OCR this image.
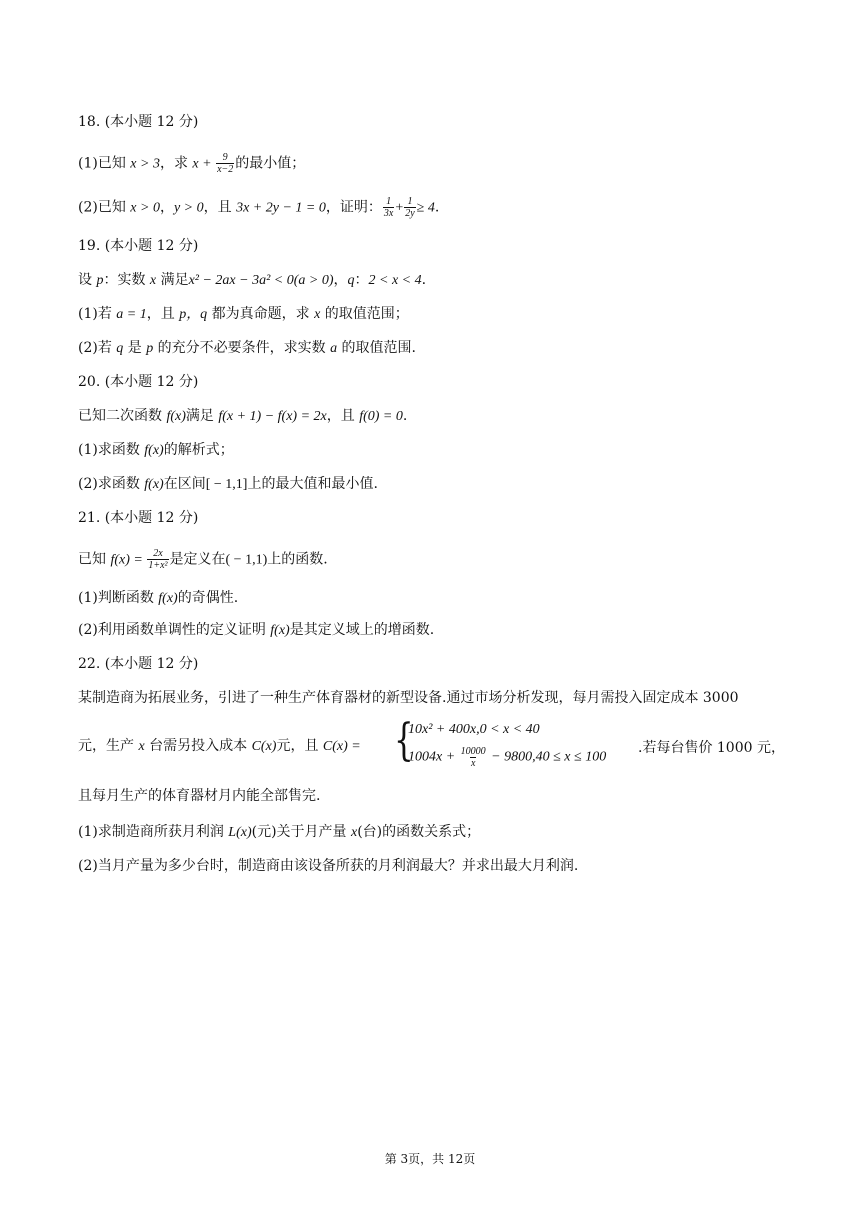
18. (本小题 12 分)
(1)已知 x > 3，求 $x + \frac{9}{x-2}$ 的最小值；
(2)已知 x > 0，y > 0，且 3x + 2y − 1 = 0，证明： $\frac{1}{3x} + \frac{1}{2y} \ge 4$.
19. (本小题 12 分)
设 p：实数 x 满足x² − 2ax − 3a² < 0(a > 0)，q：2 < x < 4.
(1)若 a = 1，且 p，q 都为真命题，求 x 的取值范围；
(2)若 q 是 p 的充分不必要条件，求实数 a 的取值范围.
20. (本小题 12 分)
已知二次函数 f(x)满足 f(x + 1) − f(x) = 2x，且 f(0) = 0.
(1)求函数 f(x)的解析式；
(2)求函数 f(x)在区间[ − 1,1]上的最大值和最小值.
21. (本小题 12 分)
已知 $f(x) = \frac{2x}{\text{1+x²}}$ 是定义在( − 1,1)上的函数.
(1)判断函数 f(x)的奇偶性.
(2)利用函数单调性的定义证明 f(x)是其定义域上的增函数.
22. (本小题 12 分)
某制造商为拓展业务，引进了一种生产体育器材的新型设备.通过市场分析发现，每月需投入固定成本 3000
元，生产 x 台需另投入成本 C(x)元，且 C(x) = {
10x² + 400x,0 < x < 40
$1004x + \frac{10000}{x} - 9800,40 \le x \le 100$
.若每台售价 1000 元，
且每月生产的体育器材月内能全部售完.
(1)求制造商所获月利润 L(x)(元)关于月产量 x(台)的函数关系式；
(2)当月产量为多少台时，制造商由该设备所获的月利润最大？并求出最大月利润.
第 3页，共 12页
